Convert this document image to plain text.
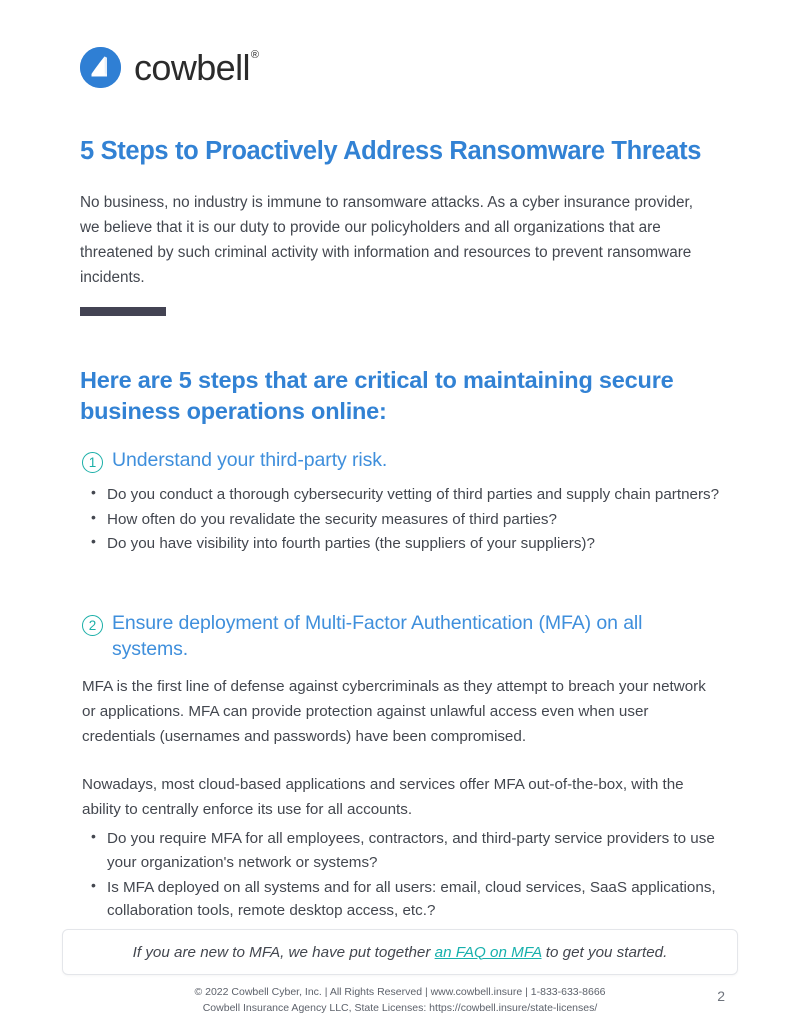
cowbell®
5 Steps to Proactively Address Ransomware Threats

No business, no industry is immune to ransomware attacks. As a cyber insurance provider, we believe that it is our duty to provide our policyholders and all organizations that are threatened by such criminal activity with information and resources to prevent ransomware incidents.

Here are 5 steps that are critical to maintaining secure business operations online:
1 Understand your third-party risk.
• Do you conduct a thorough cybersecurity vetting of third parties and supply chain partners?
• How often do you revalidate the security measures of third parties?
• Do you have visibility into fourth parties (the suppliers of your suppliers)?
2 Ensure deployment of Multi-Factor Authentication (MFA) on all systems.

MFA is the first line of defense against cybercriminals as they attempt to breach your network or applications. MFA can provide protection against unlawful access even when user credentials (usernames and passwords) have been compromised.

Nowadays, most cloud-based applications and services offer MFA out-of-the-box, with the ability to centrally enforce its use for all accounts.

• Do you require MFA for all employees, contractors, and third-party service providers to use your organization's network or systems?
• Is MFA deployed on all systems and for all users: email, cloud services, SaaS applications, collaboration tools, remote desktop access, etc.?
If you are new to MFA, we have put together an FAQ on MFA to get you started.
© 2022 Cowbell Cyber, Inc. | All Rights Reserved | www.cowbell.insure | 1-833-633-8666
Cowbell Insurance Agency LLC, State Licenses: https://cowbell.insure/state-licenses/
2
